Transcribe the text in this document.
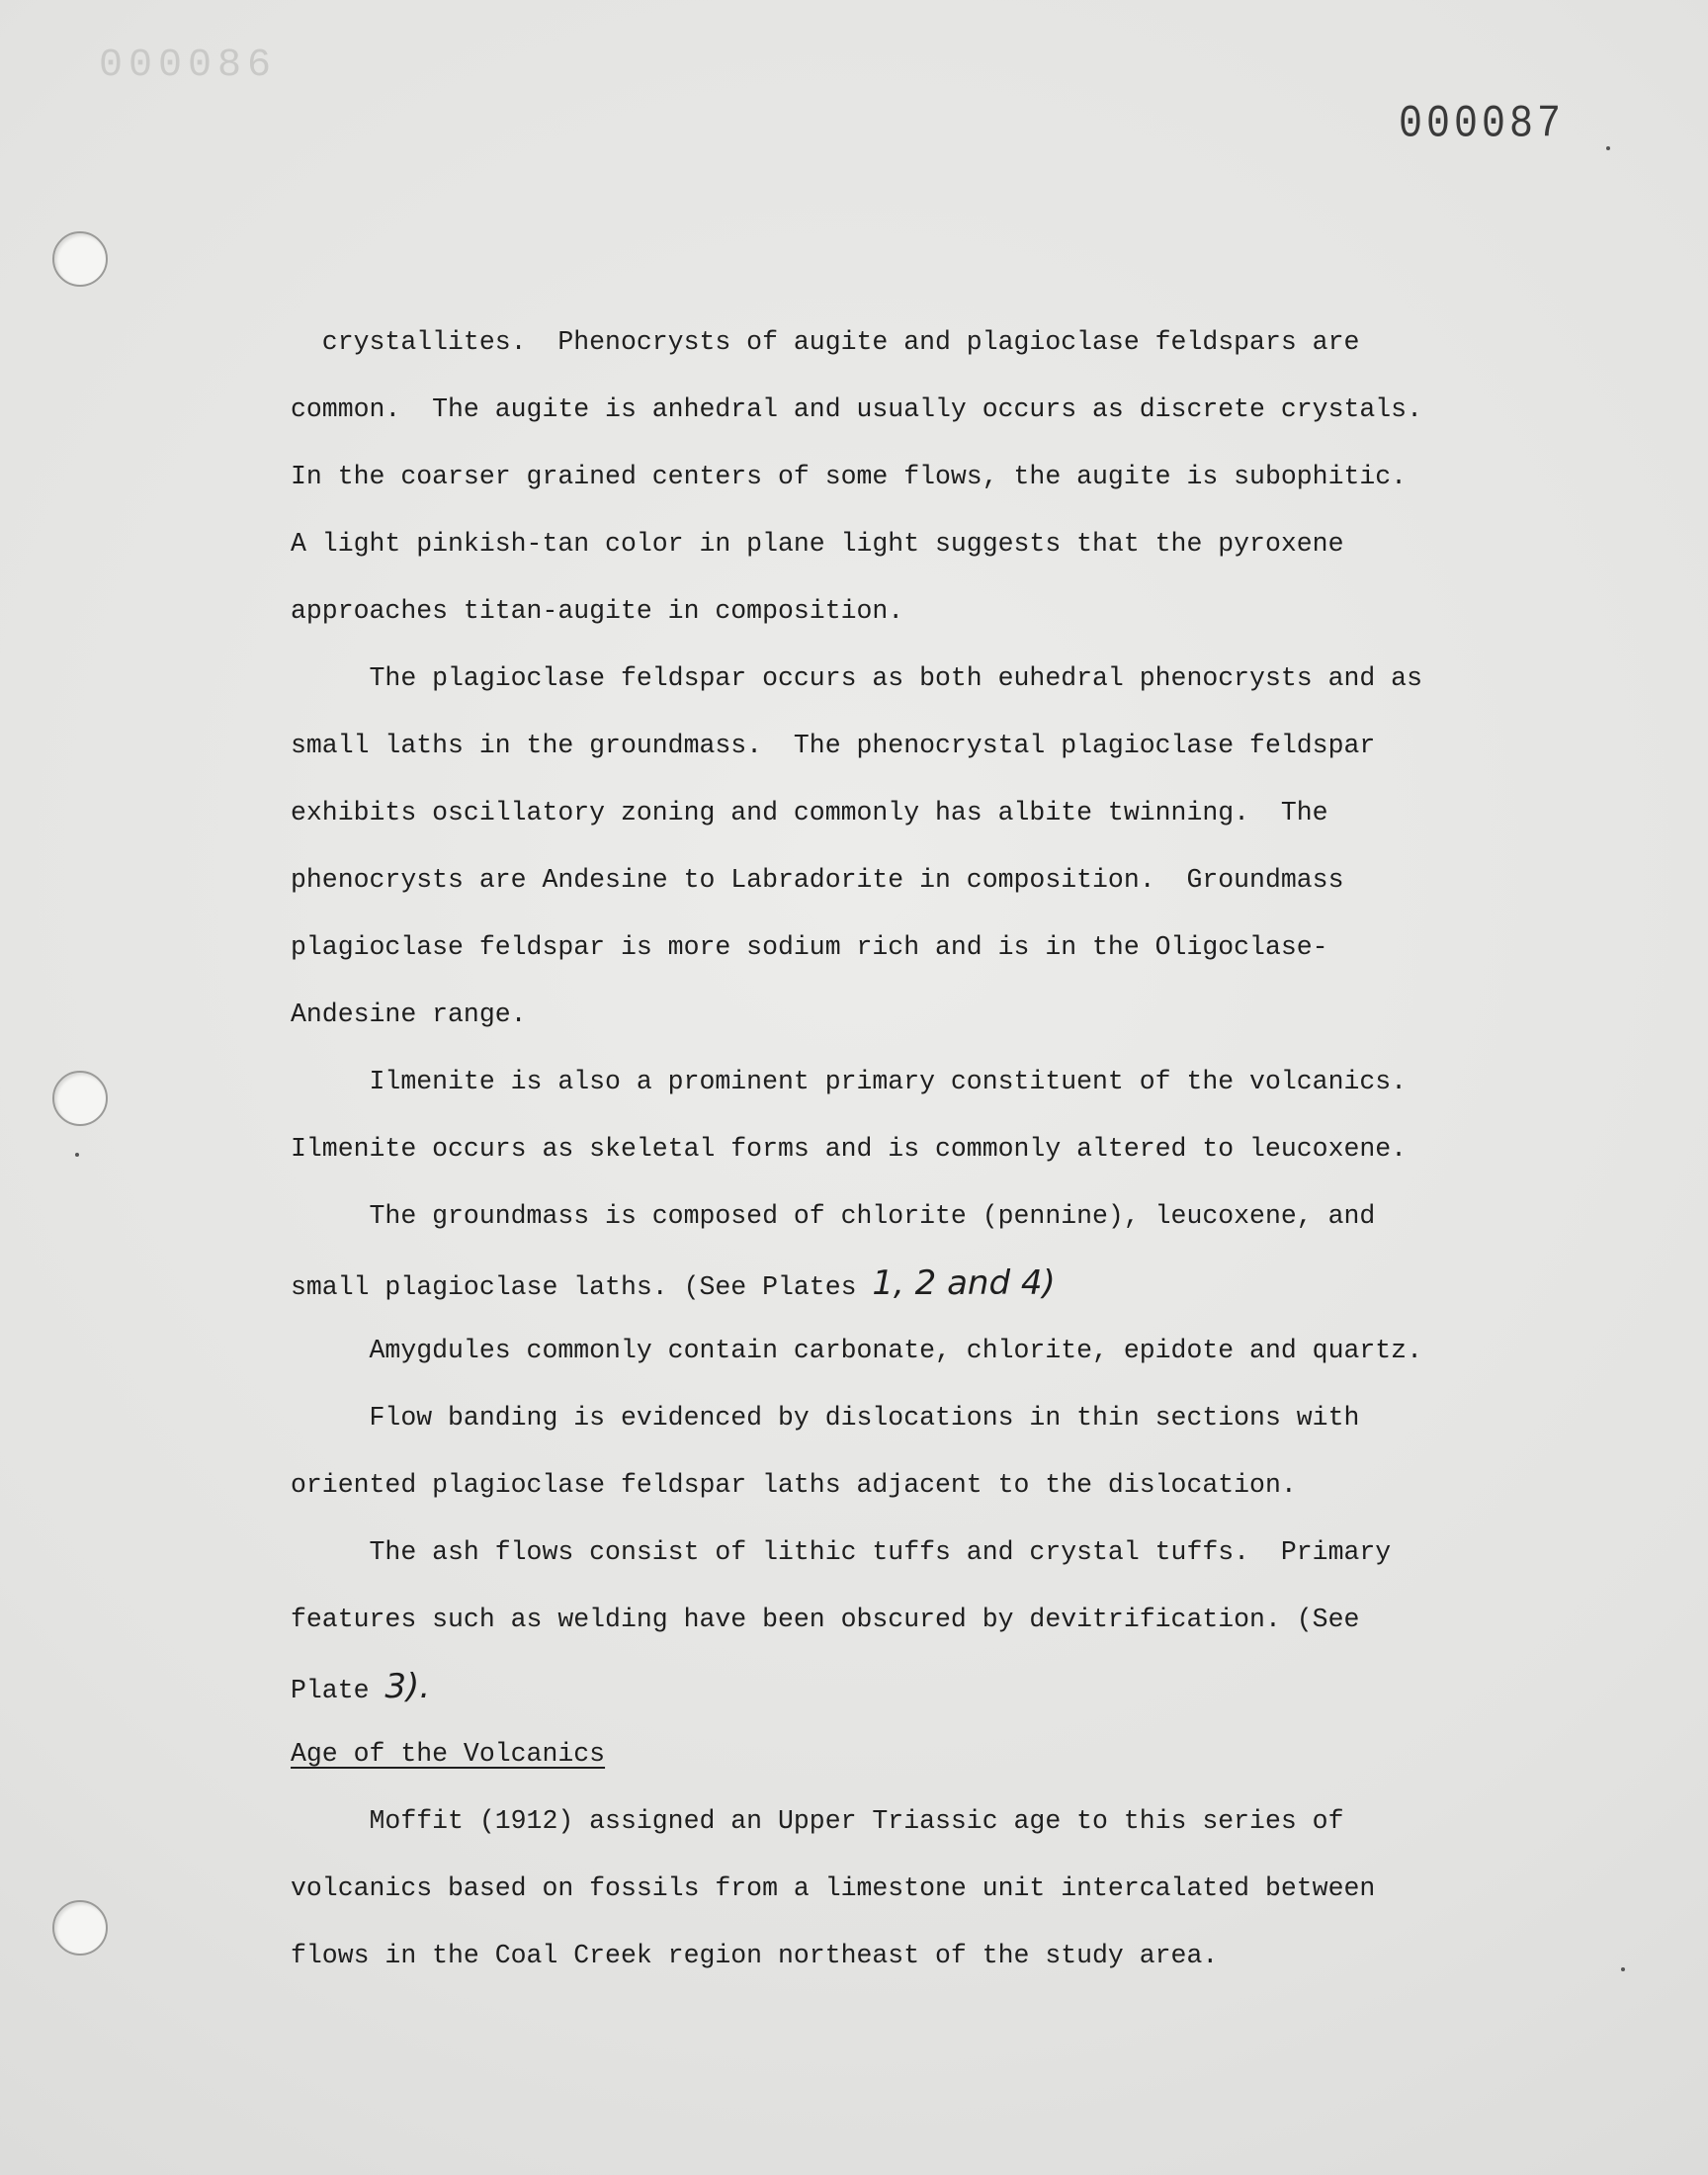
000086
000087
crystallites.  Phenocrysts of augite and plagioclase feldspars are
common.  The augite is anhedral and usually occurs as discrete crystals.
In the coarser grained centers of some flows, the augite is subophitic.
A light pinkish-tan color in plane light suggests that the pyroxene
approaches titan-augite in composition.
The plagioclase feldspar occurs as both euhedral phenocrysts and as
small laths in the groundmass.  The phenocrystal plagioclase feldspar
exhibits oscillatory zoning and commonly has albite twinning.  The
phenocrysts are Andesine to Labradorite in composition.  Groundmass
plagioclase feldspar is more sodium rich and is in the Oligoclase-
Andesine range.
Ilmenite is also a prominent primary constituent of the volcanics.
Ilmenite occurs as skeletal forms and is commonly altered to leucoxene.
The groundmass is composed of chlorite (pennine), leucoxene, and
small plagioclase laths. (See Plates 1, 2 and 4)
Amygdules commonly contain carbonate, chlorite, epidote and quartz.
Flow banding is evidenced by dislocations in thin sections with
oriented plagioclase feldspar laths adjacent to the dislocation.
The ash flows consist of lithic tuffs and crystal tuffs.  Primary
features such as welding have been obscured by devitrification. (See
Plate 3).
Age of the Volcanics
Moffit (1912) assigned an Upper Triassic age to this series of
volcanics based on fossils from a limestone unit intercalated between
flows in the Coal Creek region northeast of the study area.
